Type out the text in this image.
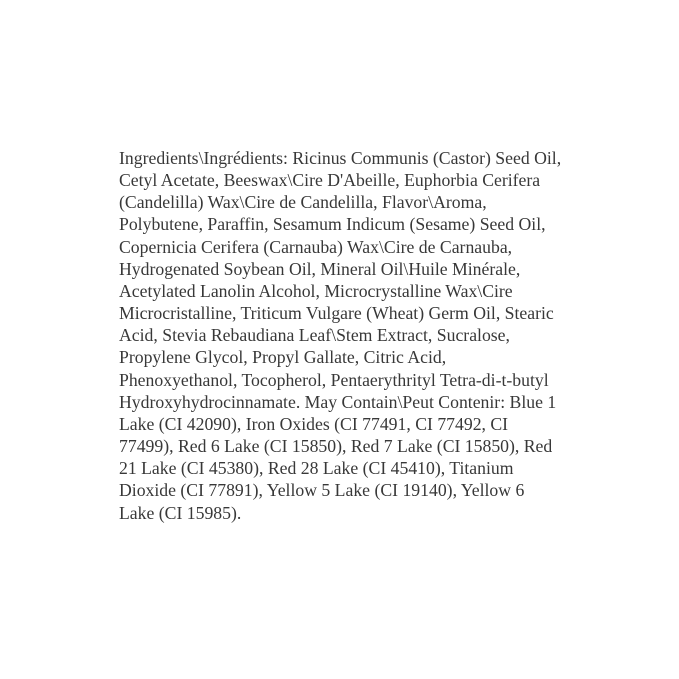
Ingredients\Ingrédients: Ricinus Communis (Castor) Seed Oil,
Cetyl Acetate, Beeswax\Cire D'Abeille, Euphorbia Cerifera
(Candelilla) Wax\Cire de Candelilla, Flavor\Aroma,
Polybutene, Paraffin, Sesamum Indicum (Sesame) Seed Oil,
Copernicia Cerifera (Carnauba) Wax\Cire de Carnauba,
Hydrogenated Soybean Oil, Mineral Oil\Huile Minérale,
Acetylated Lanolin Alcohol, Microcrystalline Wax\Cire
Microcristalline, Triticum Vulgare (Wheat) Germ Oil, Stearic
Acid, Stevia Rebaudiana Leaf\Stem Extract, Sucralose,
Propylene Glycol, Propyl Gallate, Citric Acid,
Phenoxyethanol, Tocopherol, Pentaerythrityl Tetra-di-t-butyl
Hydroxyhydrocinnamate. May Contain\Peut Contenir: Blue 1
Lake (CI 42090), Iron Oxides (CI 77491, CI 77492, CI
77499), Red 6 Lake (CI 15850), Red 7 Lake (CI 15850), Red
21 Lake (CI 45380), Red 28 Lake (CI 45410), Titanium
Dioxide (CI 77891), Yellow 5 Lake (CI 19140), Yellow 6
Lake (CI 15985).
